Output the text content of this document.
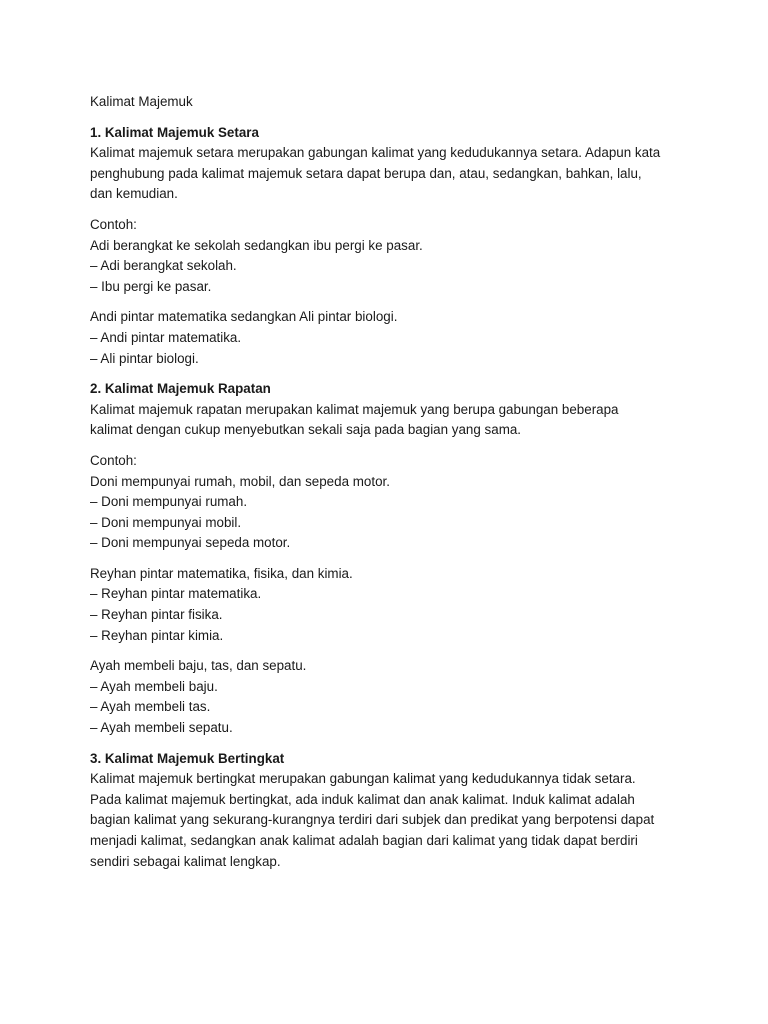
Kalimat Majemuk

1. Kalimat Majemuk Setara

Kalimat majemuk setara merupakan gabungan kalimat yang kedudukannya setara. Adapun kata

penghubung pada kalimat majemuk setara dapat berupa dan, atau, sedangkan, bahkan, lalu,

dan kemudian.

Contoh:

Adi berangkat ke sekolah sedangkan ibu pergi ke pasar.

– Adi berangkat sekolah.

– Ibu pergi ke pasar.

Andi pintar matematika sedangkan Ali pintar biologi.

– Andi pintar matematika.

– Ali pintar biologi.

2. Kalimat Majemuk Rapatan

Kalimat majemuk rapatan merupakan kalimat majemuk yang berupa gabungan beberapa

kalimat dengan cukup menyebutkan sekali saja pada bagian yang sama.

Contoh:

Doni mempunyai rumah, mobil, dan sepeda motor.

– Doni mempunyai rumah.

– Doni mempunyai mobil.

– Doni mempunyai sepeda motor.

Reyhan pintar matematika, fisika, dan kimia.

– Reyhan pintar matematika.

– Reyhan pintar fisika.

– Reyhan pintar kimia.

Ayah membeli baju, tas, dan sepatu.

– Ayah membeli baju.

– Ayah membeli tas.

– Ayah membeli sepatu.

3. Kalimat Majemuk Bertingkat

Kalimat majemuk bertingkat merupakan gabungan kalimat yang kedudukannya tidak setara.

Pada kalimat majemuk bertingkat, ada induk kalimat dan anak kalimat. Induk kalimat adalah

bagian kalimat yang sekurang-kurangnya terdiri dari subjek dan predikat yang berpotensi dapat

menjadi kalimat, sedangkan anak kalimat adalah bagian dari kalimat yang tidak dapat berdiri

sendiri sebagai kalimat lengkap.
